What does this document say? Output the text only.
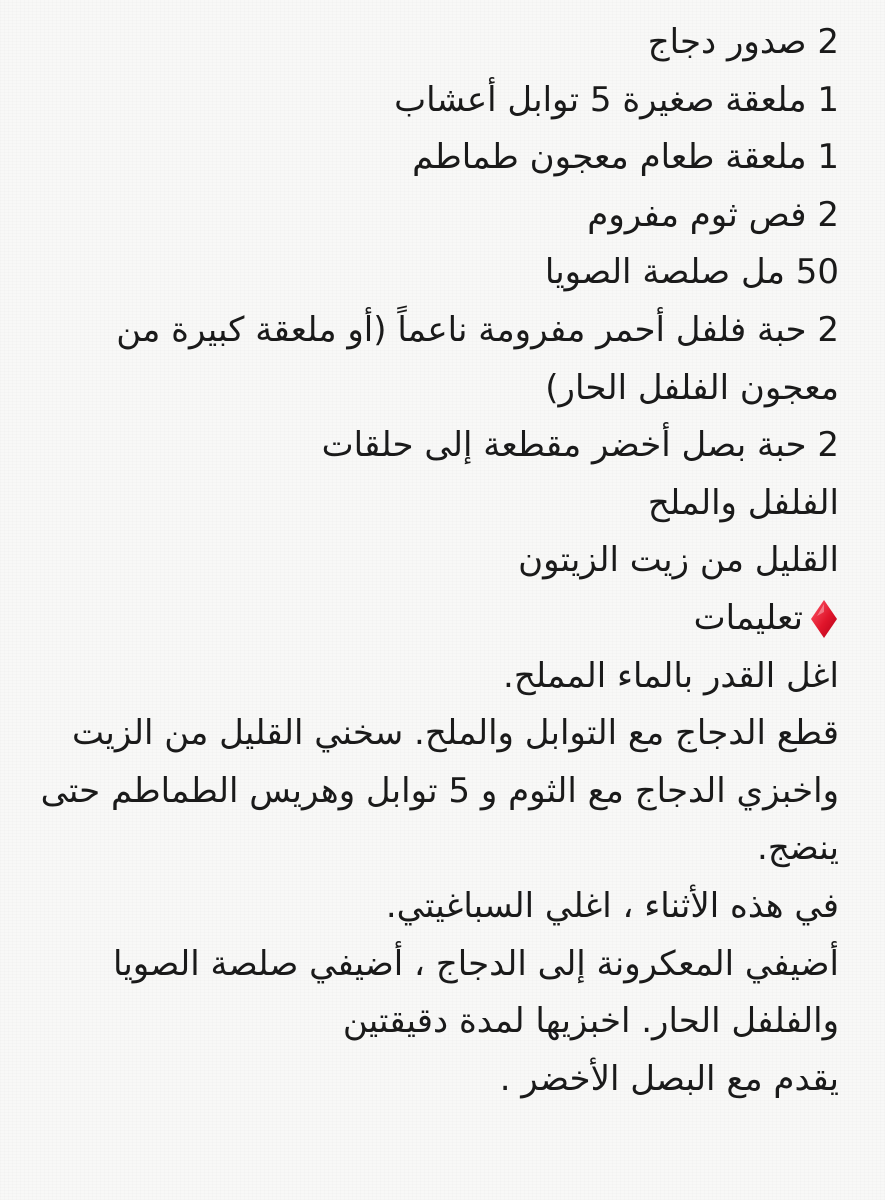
2 صدور دجاج
1 ملعقة صغيرة 5 توابل أعشاب
1 ملعقة طعام معجون طماطم
2 فص ثوم مفروم
50 مل صلصة الصويا
2 حبة فلفل أحمر مفرومة ناعماً (أو ملعقة كبيرة من معجون الفلفل الحار)
2 حبة بصل أخضر مقطعة إلى حلقات
الفلفل والملح
القليل من زيت الزيتون
تعليمات
اغل القدر بالماء المملح.
قطع الدجاج مع التوابل والملح. سخني القليل من الزيت واخبزي الدجاج مع الثوم و 5 توابل وهريس الطماطم حتى ينضج.
في هذه الأثناء ، اغلي السباغيتي.
أضيفي المعكرونة إلى الدجاج ، أضيفي صلصة الصويا والفلفل الحار. اخبزيها لمدة دقيقتين
يقدم مع البصل الأخضر .
